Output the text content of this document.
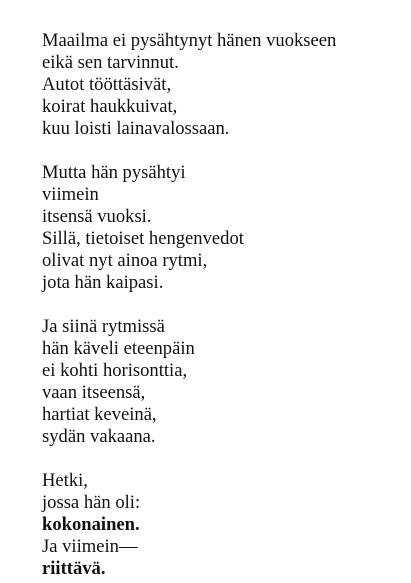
Maailma ei pysähtynyt hänen vuokseen
eikä sen tarvinnut.
Autot tööttäsivät,
koirat haukkuivat,
kuu loisti lainavalossaan.
Mutta hän pysähtyi
viimein
itsensä vuoksi.
Sillä, tietoiset hengenvedot
olivat nyt ainoa rytmi,
jota hän kaipasi.
Ja siinä rytmissä
hän käveli eteenpäin
ei kohti horisonttia,
vaan itseensä,
hartiat keveinä,
sydän vakaana.
Hetki,
jossa hän oli:
kokonainen.
Ja viimein—
riittävä.
